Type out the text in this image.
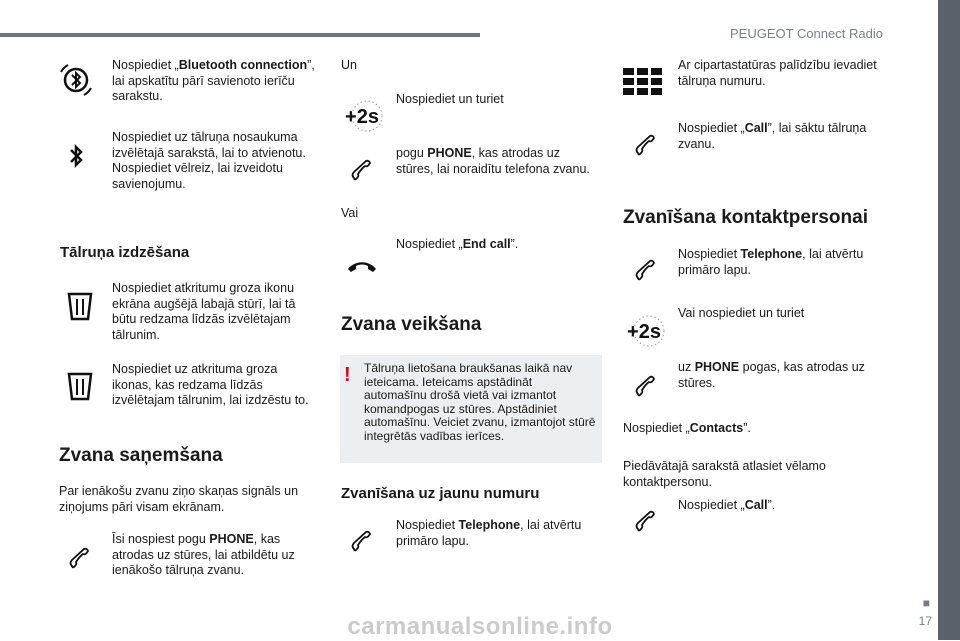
PEUGEOT Connect Radio
Nospiediet „Bluetooth connection”, lai apskatītu pārī savienoto ierīču sarakstu.
Nospiediet uz tālruņa nosaukuma izvēlētajā sarakstā, lai to atvienotu. Nospiediet vēlreiz, lai izveidotu savienojumu.
Tālruņa izdzēšana
Nospiediet atkritumu groza ikonu ekrāna augšējā labajā stūrī, lai tā būtu redzama līdzās izvēlētajam tālrunim.
Nospiediet uz atkrituma groza ikonas, kas redzama līdzās izvēlētajam tālrunim, lai izdzēstu to.
Zvana saņemšana
Par ienākošu zvanu ziņo skaņas signāls un ziņojums pāri visam ekrānam.
Īsi nospiest pogu PHONE, kas atrodas uz stūres, lai atbildētu uz ienākošo tālruņa zvanu.
Un
+2s
Nospiediet un turiet
pogu PHONE, kas atrodas uz stūres, lai noraidītu telefona zvanu.
Vai
Nospiediet „End call”.
Zvana veikšana
! Tālruņa lietošana braukšanas laikā nav ieteicama. Ieteicams apstādināt automašīnu drošā vietā vai izmantot komandpogas uz stūres. Apstādiniet automašīnu. Veiciet zvanu, izmantojot stūrē integrētās vadības ierīces.
Zvanīšana uz jaunu numuru
Nospiediet Telephone, lai atvērtu primāro lapu.
Ar cipartastatūras palīdzību ievadiet tālruņa numuru.
Nospiediet „Call”, lai sāktu tālruņa zvanu.
Zvanīšana kontaktpersonai
Nospiediet Telephone, lai atvērtu primāro lapu.
+2s
Vai nospiediet un turiet
uz PHONE pogas, kas atrodas uz stūres.
Nospiediet „Contacts”.
Piedāvātajā sarakstā atlasiet vēlamo kontaktpersonu.
Nospiediet „Call”.
■
17
carmanualsonline.info
